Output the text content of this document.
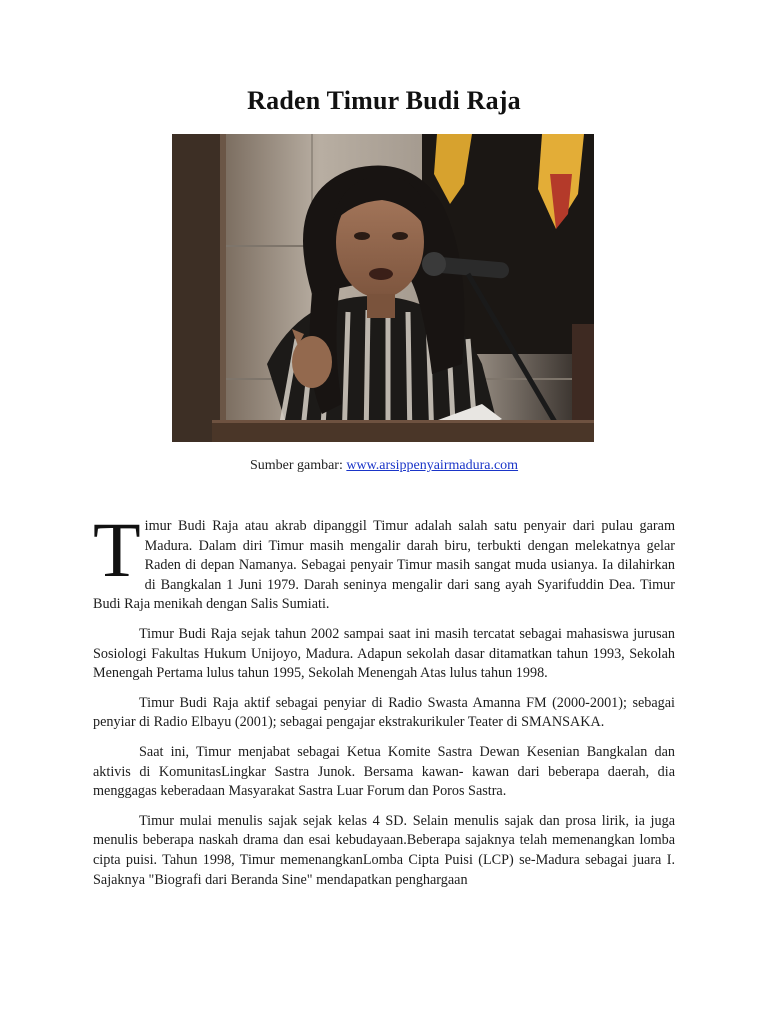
Raden Timur Budi Raja
Sumber gambar: www.arsippenyairmadura.com

Timur Budi Raja atau akrab dipanggil Timur adalah salah satu penyair dari pulau garam Madura. Dalam diri Timur masih mengalir darah biru, terbukti dengan melekatnya gelar Raden di depan Namanya. Sebagai penyair Timur masih sangat muda usianya. Ia dilahirkan di Bangkalan 1 Juni 1979. Darah seninya mengalir dari sang ayah Syarifuddin Dea. Timur Budi Raja menikah dengan Salis Sumiati.

Timur Budi Raja sejak tahun 2002 sampai saat ini masih tercatat sebagai mahasiswa jurusan Sosiologi Fakultas Hukum Unijoyo, Madura. Adapun sekolah dasar ditamatkan tahun 1993, Sekolah Menengah Pertama lulus tahun 1995, Sekolah Menengah Atas lulus tahun 1998.

Timur Budi Raja aktif sebagai penyiar di Radio Swasta Amanna FM (2000-2001); sebagai penyiar di Radio Elbayu (2001); sebagai pengajar ekstrakurikuler Teater di SMANSAKA.

Saat ini, Timur menjabat sebagai Ketua Komite Sastra Dewan Kesenian Bangkalan dan aktivis di KomunitasLingkar Sastra Junok. Bersama kawan- kawan dari beberapa daerah, dia menggagas keberadaan Masyarakat Sastra Luar Forum dan Poros Sastra.

Timur mulai menulis sajak sejak kelas 4 SD. Selain menulis sajak dan prosa lirik, ia juga menulis beberapa naskah drama dan esai kebudayaan.Beberapa sajaknya telah memenangkan lomba cipta puisi. Tahun 1998, Timur memenangkanLomba Cipta Puisi (LCP) se-Madura sebagai juara I. Sajaknya "Biografi dari Beranda Sine" mendapatkan penghargaan
